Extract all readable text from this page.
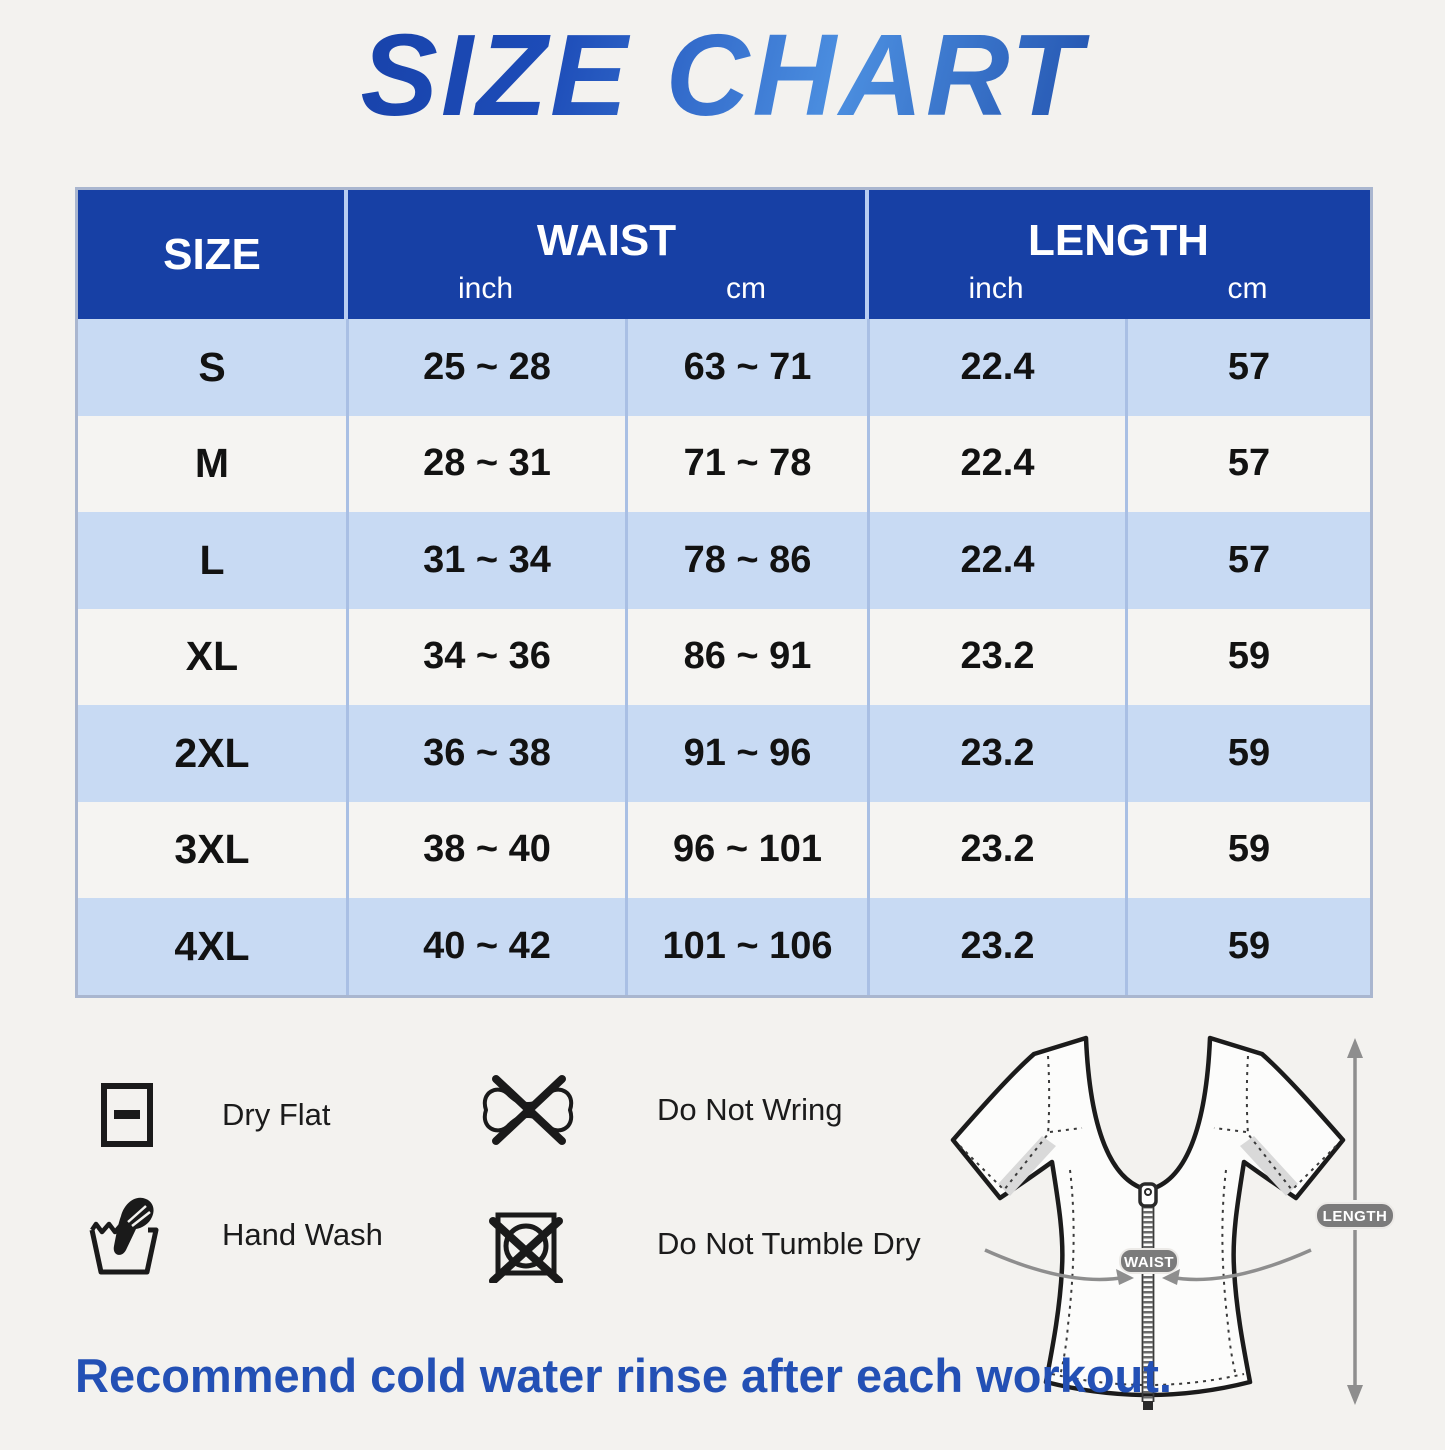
SIZE CHART
SIZE	WAIST	LENGTH
inch	cm	inch	cm
S	25 ~ 28	63 ~ 71	22.4	57
M	28 ~ 31	71 ~ 78	22.4	57
L	31 ~ 34	78 ~ 86	22.4	57
XL	34 ~ 36	86 ~ 91	23.2	59
2XL	36 ~ 38	91 ~ 96	23.2	59
3XL	38 ~ 40	96 ~ 101	23.2	59
4XL	40 ~ 42	101 ~ 106	23.2	59
Dry Flat
Hand Wash
Do Not Wring
Do Not Tumble Dry
WAIST
LENGTH
Recommend cold water rinse after each workout.
